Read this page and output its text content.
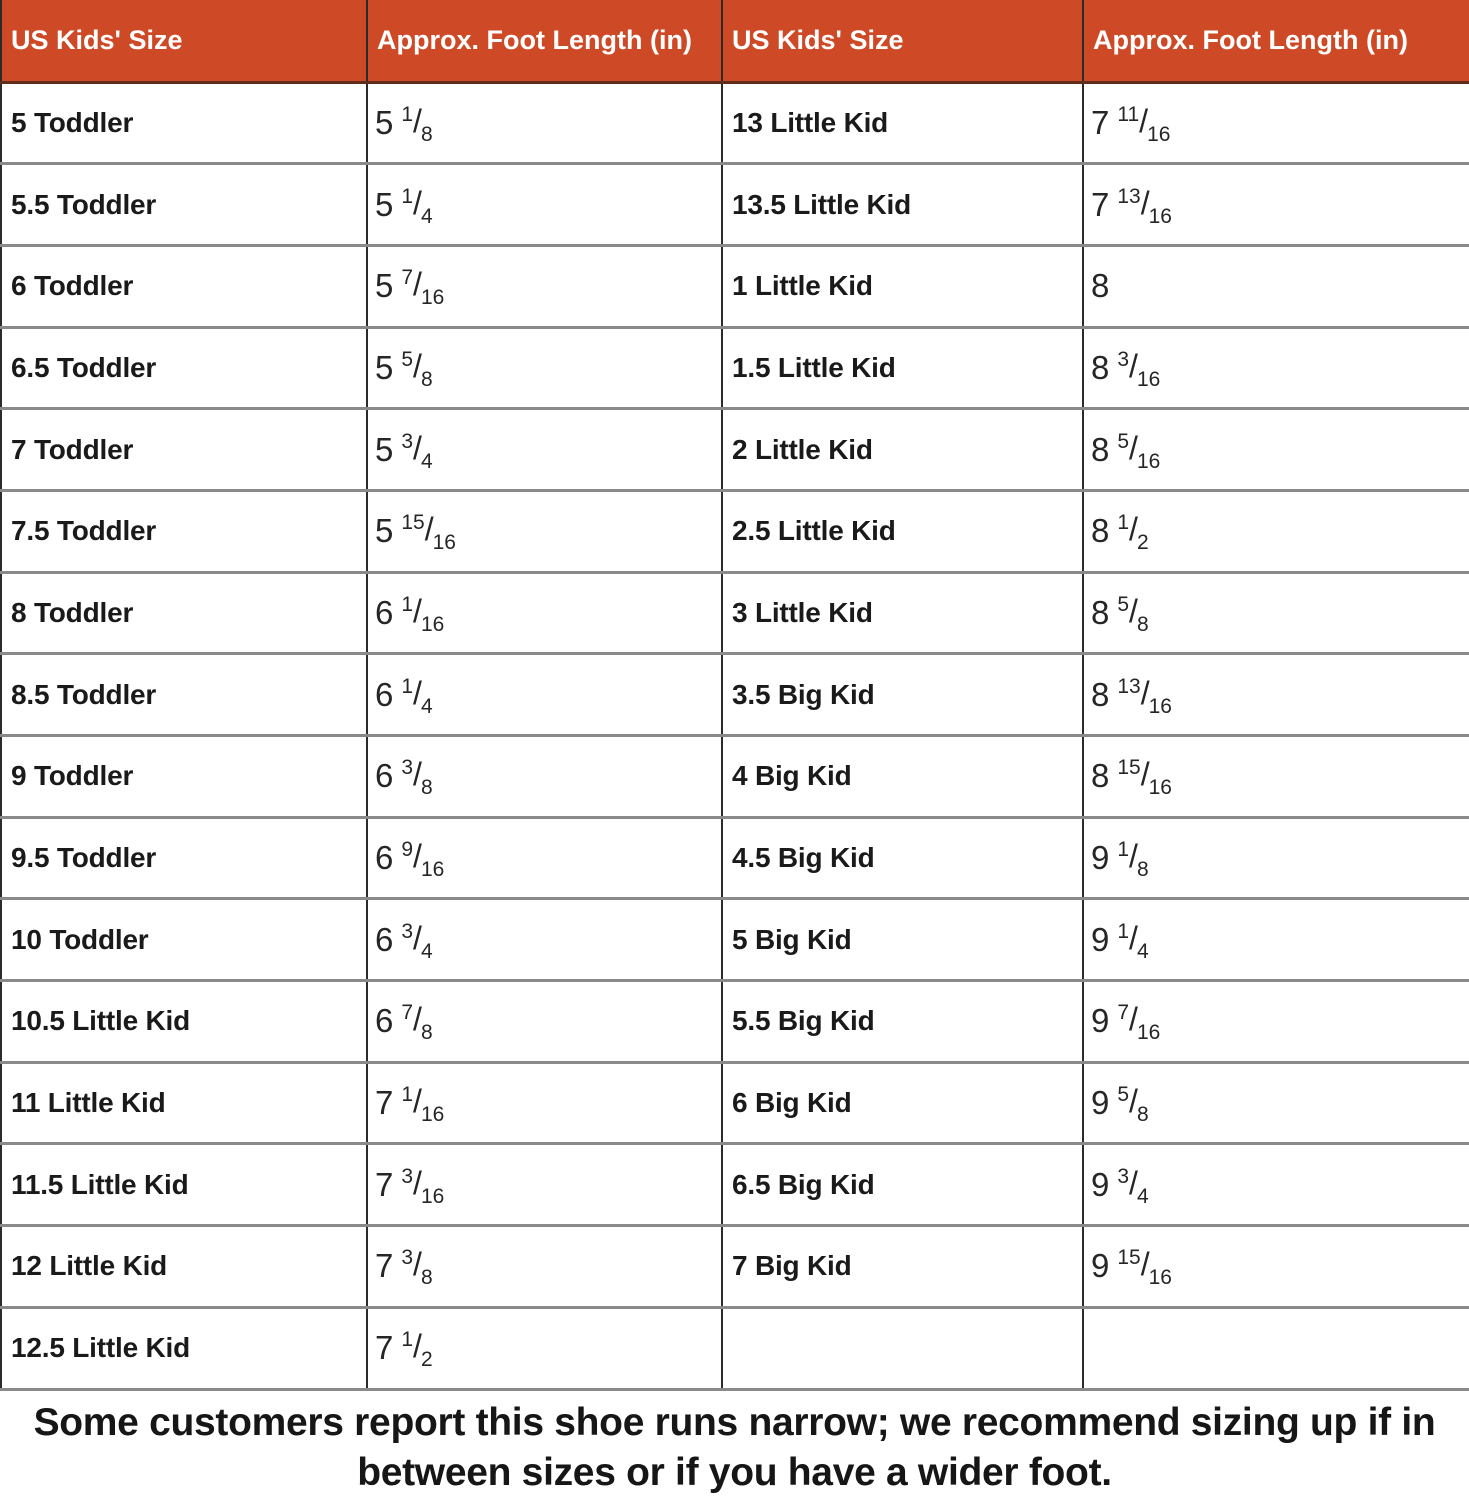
US Kids' Size	Approx. Foot Length (in)	US Kids' Size	Approx. Foot Length (in)
5 Toddler	5 $^1/_8$	13 Little Kid	7 $^{11}/_{16}$
5.5 Toddler	5 $^1/_4$	13.5 Little Kid	7 $^{13}/_{16}$
6 Toddler	5 $^7/_{16}$	1 Little Kid	8
6.5 Toddler	5 $^5/_8$	1.5 Little Kid	8 $^3/_{16}$
7 Toddler	5 $^3/_4$	2 Little Kid	8 $^5/_{16}$
7.5 Toddler	5 $^{15}/_{16}$	2.5 Little Kid	8 $^1/_2$
8 Toddler	6 $^1/_{16}$	3 Little Kid	8 $^5/_8$
8.5 Toddler	6 $^1/_4$	3.5 Big Kid	8 $^{13}/_{16}$
9 Toddler	6 $^3/_8$	4 Big Kid	8 $^{15}/_{16}$
9.5 Toddler	6 $^9/_{16}$	4.5 Big Kid	9 $^1/_8$
10 Toddler	6 $^3/_4$	5 Big Kid	9 $^1/_4$
10.5 Little Kid	6 $^7/_8$	5.5 Big Kid	9 $^7/_{16}$
11 Little Kid	7 $^1/_{16}$	6 Big Kid	9 $^5/_8$
11.5 Little Kid	7 $^3/_{16}$	6.5 Big Kid	9 $^3/_4$
12 Little Kid	7 $^3/_8$	7 Big Kid	9 $^{15}/_{16}$
12.5 Little Kid	7 $^1/_2$		
Some customers report this shoe runs narrow; we recommend sizing up if in
between sizes or if you have a wider foot.
